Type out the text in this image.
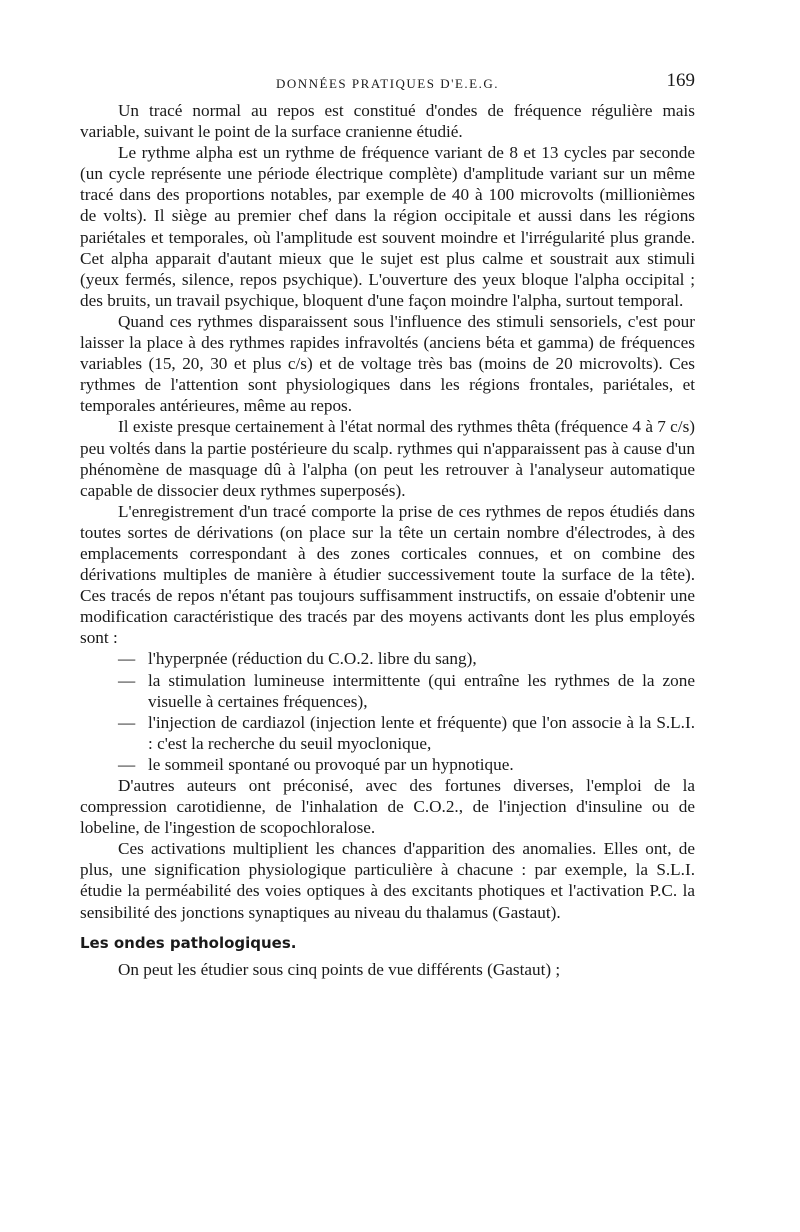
DONNÉES PRATIQUES D'E.E.G.	169

Un tracé normal au repos est constitué d'ondes de fréquence régulière mais variable, suivant le point de la surface cranienne étudié.

Le rythme alpha est un rythme de fréquence variant de 8 et 13 cycles par seconde (un cycle représente une période électrique complète) d'amplitude variant sur un même tracé dans des proportions notables, par exemple de 40 à 100 microvolts (millionièmes de volts). Il siège au premier chef dans la région occipitale et aussi dans les régions pariétales et temporales, où l'amplitude est souvent moindre et l'irrégularité plus grande. Cet alpha apparait d'autant mieux que le sujet est plus calme et soustrait aux stimuli (yeux fermés, silence, repos psychique). L'ouverture des yeux bloque l'alpha occipital ; des bruits, un travail psychique, bloquent d'une façon moindre l'alpha, surtout temporal.

Quand ces rythmes disparaissent sous l'influence des stimuli sensoriels, c'est pour laisser la place à des rythmes rapides infravoltés (anciens béta et gamma) de fréquences variables (15, 20, 30 et plus c/s) et de voltage très bas (moins de 20 microvolts). Ces rythmes de l'attention sont physiologiques dans les régions frontales, pariétales, et temporales antérieures, même au repos.

Il existe presque certainement à l'état normal des rythmes thêta (fréquence 4 à 7 c/s) peu voltés dans la partie postérieure du scalp. rythmes qui n'apparaissent pas à cause d'un phénomène de masquage dû à l'alpha (on peut les retrouver à l'analyseur automatique capable de dissocier deux rythmes superposés).

L'enregistrement d'un tracé comporte la prise de ces rythmes de repos étudiés dans toutes sortes de dérivations (on place sur la tête un certain nombre d'électrodes, à des emplacements correspondant à des zones corticales connues, et on combine des dérivations multiples de manière à étudier successivement toute la surface de la tête). Ces tracés de repos n'étant pas toujours suffisamment instructifs, on essaie d'obtenir une modification caractéristique des tracés par des moyens activants dont les plus employés sont :

— l'hyperpnée (réduction du C.O.2. libre du sang),
— la stimulation lumineuse intermittente (qui entraîne les rythmes de la zone visuelle à certaines fréquences),
— l'injection de cardiazol (injection lente et fréquente) que l'on associe à la S.L.I. : c'est la recherche du seuil myoclonique,
— le sommeil spontané ou provoqué par un hypnotique.

D'autres auteurs ont préconisé, avec des fortunes diverses, l'emploi de la compression carotidienne, de l'inhalation de C.O.2., de l'injection d'insuline ou de lobeline, de l'ingestion de scopochloralose.

Ces activations multiplient les chances d'apparition des anomalies. Elles ont, de plus, une signification physiologique particulière à chacune : par exemple, la S.L.I. étudie la perméabilité des voies optiques à des excitants photiques et l'activation P.C. la sensibilité des jonctions synaptiques au niveau du thalamus (Gastaut).

Les ondes pathologiques.

On peut les étudier sous cinq points de vue différents (Gastaut) ;
